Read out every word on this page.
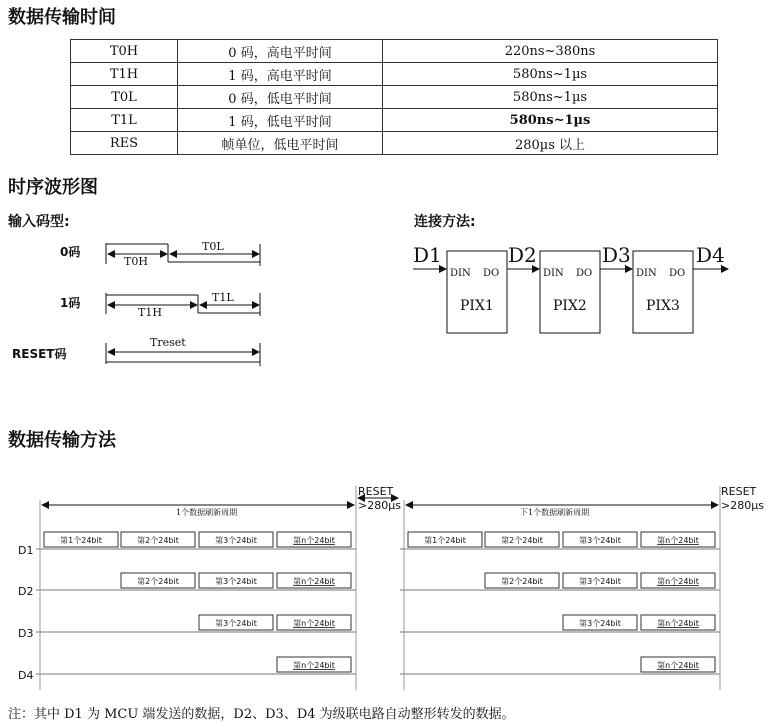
数据传输时间
T0H	0 码，高电平时间	220ns~380ns
T1H	1 码，高电平时间	580ns~1µs
T0L	0 码，低电平时间	580ns~1µs
T1L	1 码，低电平时间	580ns~1µs
RES	帧单位，低电平时间	280µs 以上
时序波形图
输入码型:	连接方法:
数据传输方法
0码
1码
RESET码
T0H
T0L
T1H
T1L
Treset
D1	D2	D3	D4
DIN DO
PIX1
DIN DO
PIX2
DIN DO
PIX3
D1
D2
D3
D4
1个数据刷新周期	下1个数据刷新周期
RESET
>280µs
RESET
>280µs
第1个24bit	第2个24bit	第3个24bit	第n个24bit
第2个24bit	第3个24bit	第n个24bit
第3个24bit	第n个24bit
第n个24bit
第1个24bit	第2个24bit	第3个24bit	第n个24bit
第2个24bit	第3个24bit	第n个24bit
第3个24bit	第n个24bit
第n个24bit
注：其中 D1 为 MCU 端发送的数据，D2、D3、D4 为级联电路自动整形转发的数据。
